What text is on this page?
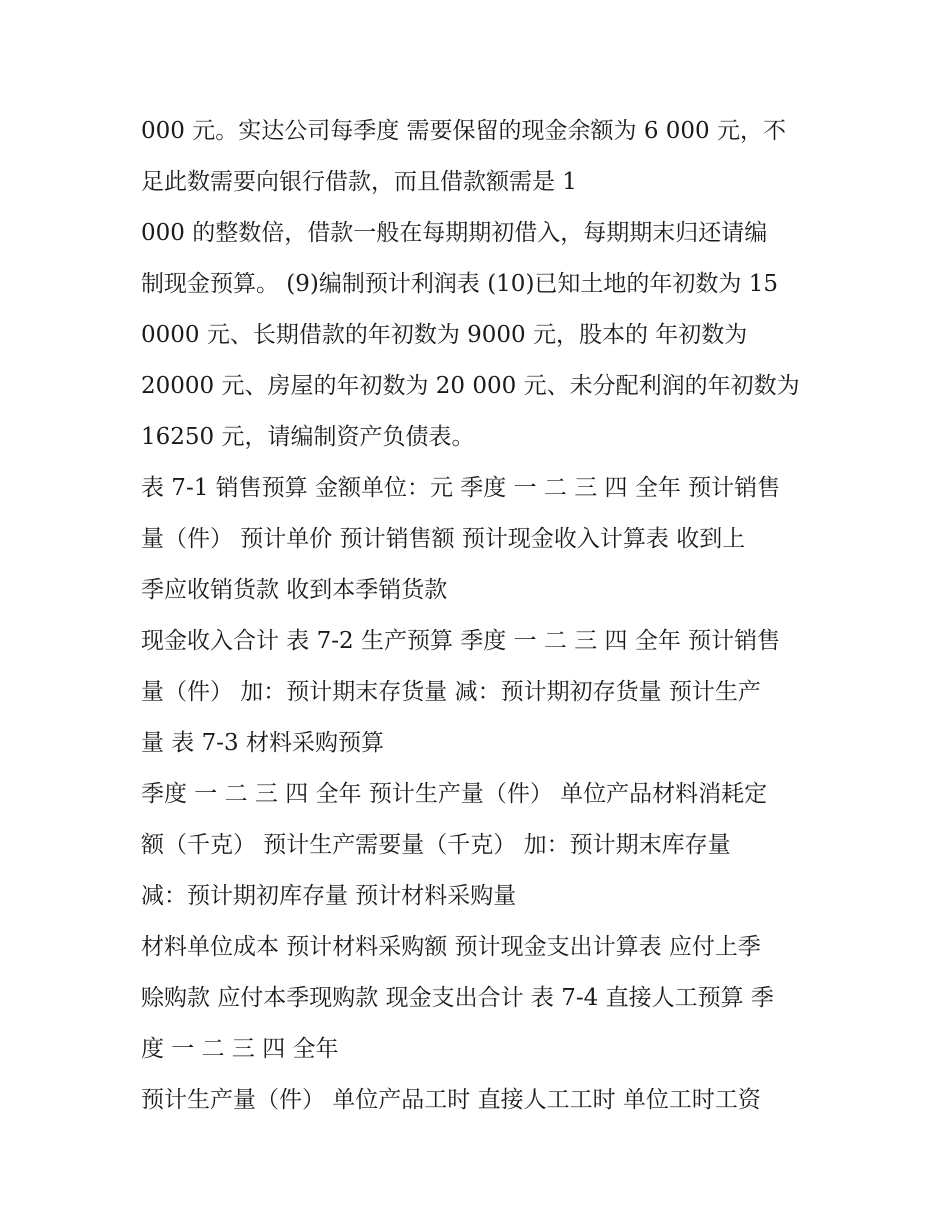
000 元。实达公司每季度 需要保留的现金余额为 6 000 元，不
足此数需要向银行借款，而且借款额需是 1
000 的整数倍，借款一般在每期期初借入，每期期末归还请编
制现金预算。 (9)编制预计利润表 (10)已知土地的年初数为 15
0000 元、长期借款的年初数为 9000 元，股本的 年初数为
20000 元、房屋的年初数为 20 000 元、未分配利润的年初数为
16250 元，请编制资产负债表。
表 7-1 销售预算 金额单位：元 季度 一 二 三 四 全年 预计销售
量（件） 预计单价 预计销售额 预计现金收入计算表 收到上
季应收销货款 收到本季销货款
现金收入合计 表 7-2 生产预算 季度 一 二 三 四 全年 预计销售
量（件） 加：预计期末存货量 减：预计期初存货量 预计生产
量 表 7-3 材料采购预算
季度 一 二 三 四 全年 预计生产量（件） 单位产品材料消耗定
额（千克） 预计生产需要量（千克） 加：预计期末库存量
减：预计期初库存量 预计材料采购量
材料单位成本 预计材料采购额 预计现金支出计算表 应付上季
赊购款 应付本季现购款 现金支出合计 表 7-4 直接人工预算 季
度 一 二 三 四 全年
预计生产量（件） 单位产品工时 直接人工工时 单位工时工资
